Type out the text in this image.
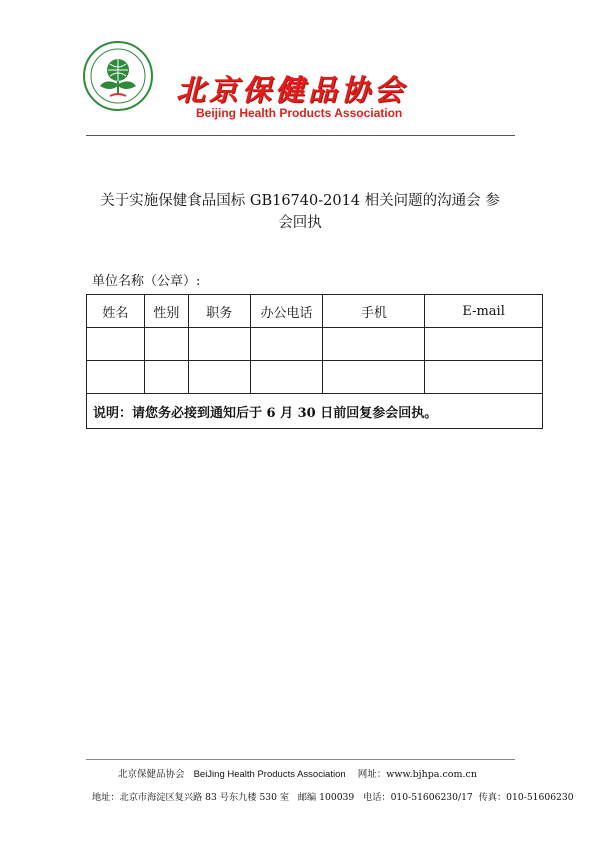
北京保健品协会
Beijing Health Products Association
关于实施保健食品国标 GB16740-2014 相关问题的沟通会 参
会回执
单位名称（公章）:
姓名	性别	职务	办公电话	手机	E-mail

说明：请您务必接到通知后于 6 月 30 日前回复参会回执。					
北京保健品协会 BeiJing Health Products Association 网址：www.bjhpa.com.cn
地址：北京市海淀区复兴路 83 号东九楼 530 室 邮编 100039 电话：010-51606230/17 传真：010-51606230
